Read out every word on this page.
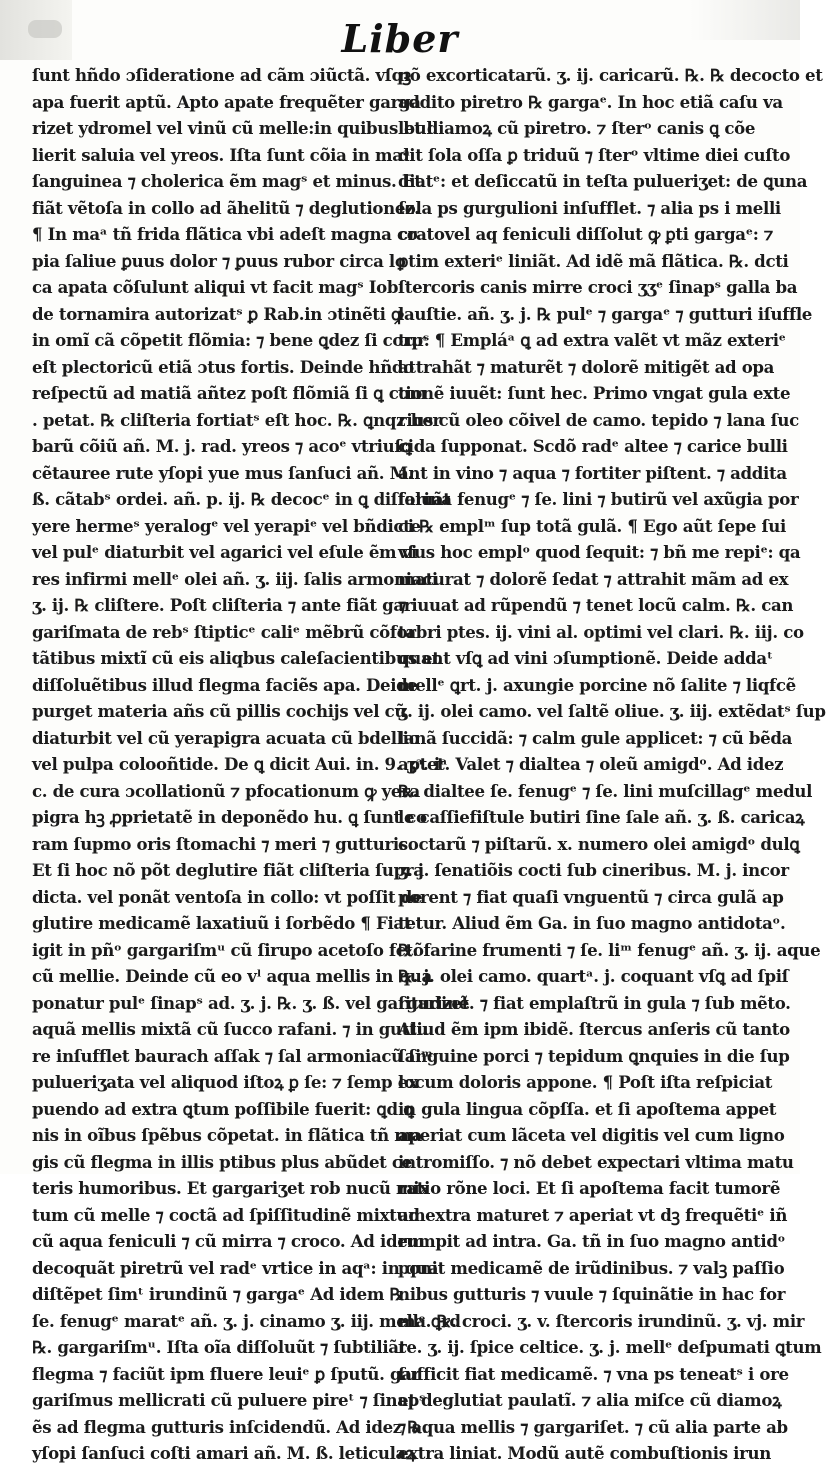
Liber
ſunt hñdo ɔſideratione ad cãm ɔiũctã. vſqꝫ
apa fuerit aptũ. Apto apate frequẽter garga
rizet ydromel vel vinũ cũ melle:in quibus bul
lierit saluia vel yreos. Iſta ſunt cõia in maᵃ
ſanguinea ⁊ cholerica ẽm magˢ et minus. Et
fiãt vẽtoſa in collo ad ãhelitũ ⁊ deglutionez.
¶ In maᵃ tñ frida flãtica vbi adeſt magna co
pia ſaliue ꝑuus dolor ⁊ ꝑuus rubor circa lo
ca apata cõſulunt aliqui vt facit magˢ Iob
de tornamira autorizatˢ ꝑ Rab.in ɔtinẽti ꝙ
in omĩ cã cõpetit flõmia: ⁊ bene ꝗdez ſi corpˢ
eſt plectoricũ etiã ɔtus fortis. Deinde hñdo
reſpectũ ad matiã añtez poſt flõmiã ſi ꝗ com
. petat. ℞ cliſteria fortiatˢ eſt hoc. ℞. ꝗnqz her
barũ cõiũ añ. M. j. rad. yreos ⁊ acoᵉ vtriuſꝗ
cẽtauree rute yſopi yue mus ſanſuci añ. M.
ß. cãtabˢ ordei. añ. p. ij. ℞ decocᵉ in ꝗ diſſoluãt
yere hermeˢ yeralogᵉ vel yerapiᵉ vel bñdicte
vel pulᵉ diaturbit vel agarici vel eſule ẽm vi
res infirmi mellᵉ olei añ. ʒ. iij. ſalis armoniaci
ʒ. ij. ℞ cliſtere. Poſt cliſteria ⁊ ante fiãt gar
gariſmata de rebˢ ſtipticᵉ caliᵉ mẽbrũ cõfor
tãtibus mixtĩ cũ eis aliqbus caleſacientibus et
diſſoluẽtibus illud flegma faciẽs apa. Deide
purget materia añs cũ pillis cochijs vel cũ
diaturbit vel cũ yerapigra acuata cũ bdellio
vel pulpa colooñtide. De ꝗ dicit Aui. in. 9. ʒᵃ. iᵃ
c. de cura ɔcollationũ ⁊ pfocationum ꝙ yera
pigra hꝫ ꝓprietatẽ in deponẽdo hu. ꝗ ſunt co
ram ſupmo oris ſtomachi ⁊ meri ⁊ gutturis.
Et ſi hoc nõ põt deglutire fiãt cliſteria ſupra
dicta. vel ponãt ventoſa in collo: vt poſſit de
glutire medicamẽ laxatiuũ i ſorbẽdo ¶ Fiat
igit in pñᵒ gargariſmᵘ cũ ſirupo acetoſo fctõ
cũ mellie. Deinde cũ eo vˡ aqua mellis in qua
ponatur pulᵉ ſinapˢ ad. ʒ. j. ℞. ʒ. ß. vel gargarizet
aquã mellis mixtã cũ ſucco rafani. ⁊ in guttu
re inſufflet baurach aſſak ⁊ ſal armoniacũ ſiᵐ
pulueriʒata vel aliquod iſtoꝝ ꝑ ſe: ⁊ ſemp ex
puendo ad extra ꝗtum poſſibile fuerit: ꝗd ꝗ
nis in oĩbus ſpẽbus cõpetat. in flãtica tñ ma
gis cũ flegma in illis ptibus plus abũdet ce
teris humoribus. Et gargariʒet rob nucũ mix
tum cũ melle ⁊ coctã ad ſpiſſitudinẽ mixtum
cũ aqua feniculi ⁊ cũ mirra ⁊ croco. Ad idem
decoquãt piretrũ vel radᵉ vrtice in aqᵃ: in qua
diſtẽpet ſimᵗ irundinũ ⁊ gargaᵉ Ad idem ℞.
ſe. fenugᵉ maratᵉ añ. ʒ. j. cinamo ʒ. iij. mellᵉ ꝗrd
℞. gargariſmᵘ. Iſta oĩa diſſoluũt ⁊ ſubtiliãt
flegma ⁊ faciũt ipm fluere leuiᵉ ꝑ ſputũ. gar
gariſmus mellicrati cũ puluere pireᵗ ⁊ ſinapˢ
ẽs ad flegma gutturis inſcidendũ. Ad idez ℞.
yſopi ſanſuci coſti amari añ. M. ß. leticulaꝝ
nõ excorticatarũ. ʒ. ij. caricarũ. ℞. ℞ decocto et
addito piretro ℞ gargaᵉ. In hoc etiã caſu va
let diamoꝝ cũ piretro. ⁊ ſterᵒ canis ꝗ cõe
dit ſola oſſa ꝑ triduũ ⁊ ſterᵒ vltime diei cuſto
diatᵉ: et deſiccatũ in teſta pulueriʒet: de ꝗuna
ſola ps gurgulioni inſufflet. ⁊ alia ps i melli
cratovel aq feniculi diſſolut ꝙ ꝑti gargaᵉ: ⁊
ꝑtim exteriᵉ liniãt. Ad idẽ mã flãtica. ℞. dcti
ſtercoris canis mirre croci ʒʒᵉ ſinapˢ galla ba
lauſtie. añ. ʒ. j. ℞ pulᵉ ⁊ gargaᵉ ⁊ gutturi iſuffle
tur. ¶ Empláᵃ ꝗ ad extra valẽt vt mãz exteriᵉ
attrahãt ⁊ maturẽt ⁊ dolorẽ mitigẽt ad opa
tionẽ iuuẽt: ſunt hec. Primo vngat gula exte
rius cũ oleo cõivel de camo. tepido ⁊ lana ſuc
cida ſupponat. Scdõ radᵉ altee ⁊ carice bulli
ant in vino ⁊ aqua ⁊ fortiter piſtent. ⁊ addita
farina fenugᵉ ⁊ ſe. lini ⁊ butirũ vel axũgia por
ci ℞ emplᵐ ſup totã gulã. ¶ Ego aũt ſepe ſui
vſus hoc emplᵒ quod ſequit: ⁊ bñ me repiᵉ: qa
maturat ⁊ dolorẽ ſedat ⁊ attrahit mãm ad ex
⁊ iuuat ad rũpendũ ⁊ tenet locũ calm. ℞. can
tabri ptes. ij. vini al. optimi vel clari. ℞. iij. co
quant vſꝗ ad vini ɔſumptionẽ. Deide addaᵗ
mellᵉ ꝗrt. j. axungie porcine nõ ſalite ⁊ liqfcẽ
ʒ. ij. olei camo. vel ſaltẽ oliue. ʒ. iij. extẽdatˢ ſup
lanã ſuccidã: ⁊ calm gule applicet: ⁊ cũ bẽda
aptet. Valet ⁊ dialtea ⁊ oleũ amigdᵒ. Ad idez
℞. dialtee ſe. fenugᵉ ⁊ ſe. lini muſcillagᵉ medul
le caſſiefiſtule butiri ſine ſale añ. ʒ. ß. caricaꝝ
coctarũ ⁊ piſtarũ. x. numero olei amigdᵒ dulꝗ
ʒ. j. ſenatiõis cocti ſub cineribus. M. j. incor
porent ⁊ fiat quaſi vnguentũ ⁊ circa gulã ap
tetur. Aliud ẽm Ga. in ſuo magno antidotaᵒ.
℞. farine frumenti ⁊ ſe. liᵐ fenugᵉ añ. ʒ. ij. aque
℞. j. olei camo. quartᵃ. j. coquant vſꝗ ad ſpiſ
ſitudinẽ. ⁊ fiat emplaſtrũ in gula ⁊ ſub mẽto.
Aliud ẽm ipm ibidẽ. ſtercus anſeris cũ tanto
ſanguine porci ⁊ tepidum ꝗnquies in die ſup
locum doloris appone. ¶ Poſt iſta reſpiciat
in gula lingua cõpſſa. et ſi apoſtema appet
aperiat cum lãceta vel digitis vel cum ligno
intromiſſo. ⁊ nõ debet expectari vltima matu
ratio rõne loci. Et ſi apoſtema facit tumorẽ
ad extra maturet ⁊ aperiat vt dꝫ frequẽtiᵉ iñ
rumpit ad intra. Ga. tñ in ſuo magno antidᵒ
ponit medicamẽ de irũdinibus. ⁊ valꝫ paſſio
nibus gutturis ⁊ vuule ⁊ ſquinãtie in hac for
ma. ℞. croci. ʒ. v. ſtercoris irundinũ. ʒ. vj. mir
re. ʒ. ij. ſpice celtice. ʒ. j. mellᵉ deſpumati ꝗtum
ſufficit fiat medicamẽ. ⁊ vna ps teneatˢ i ore
et deglutiat paulatĩ. ⁊ alia miſce cũ diamoꝝ
⁊ aqua mellis ⁊ gargariſet. ⁊ cũ alia parte ab
extra liniat. Modũ autẽ combuſtionis irun
